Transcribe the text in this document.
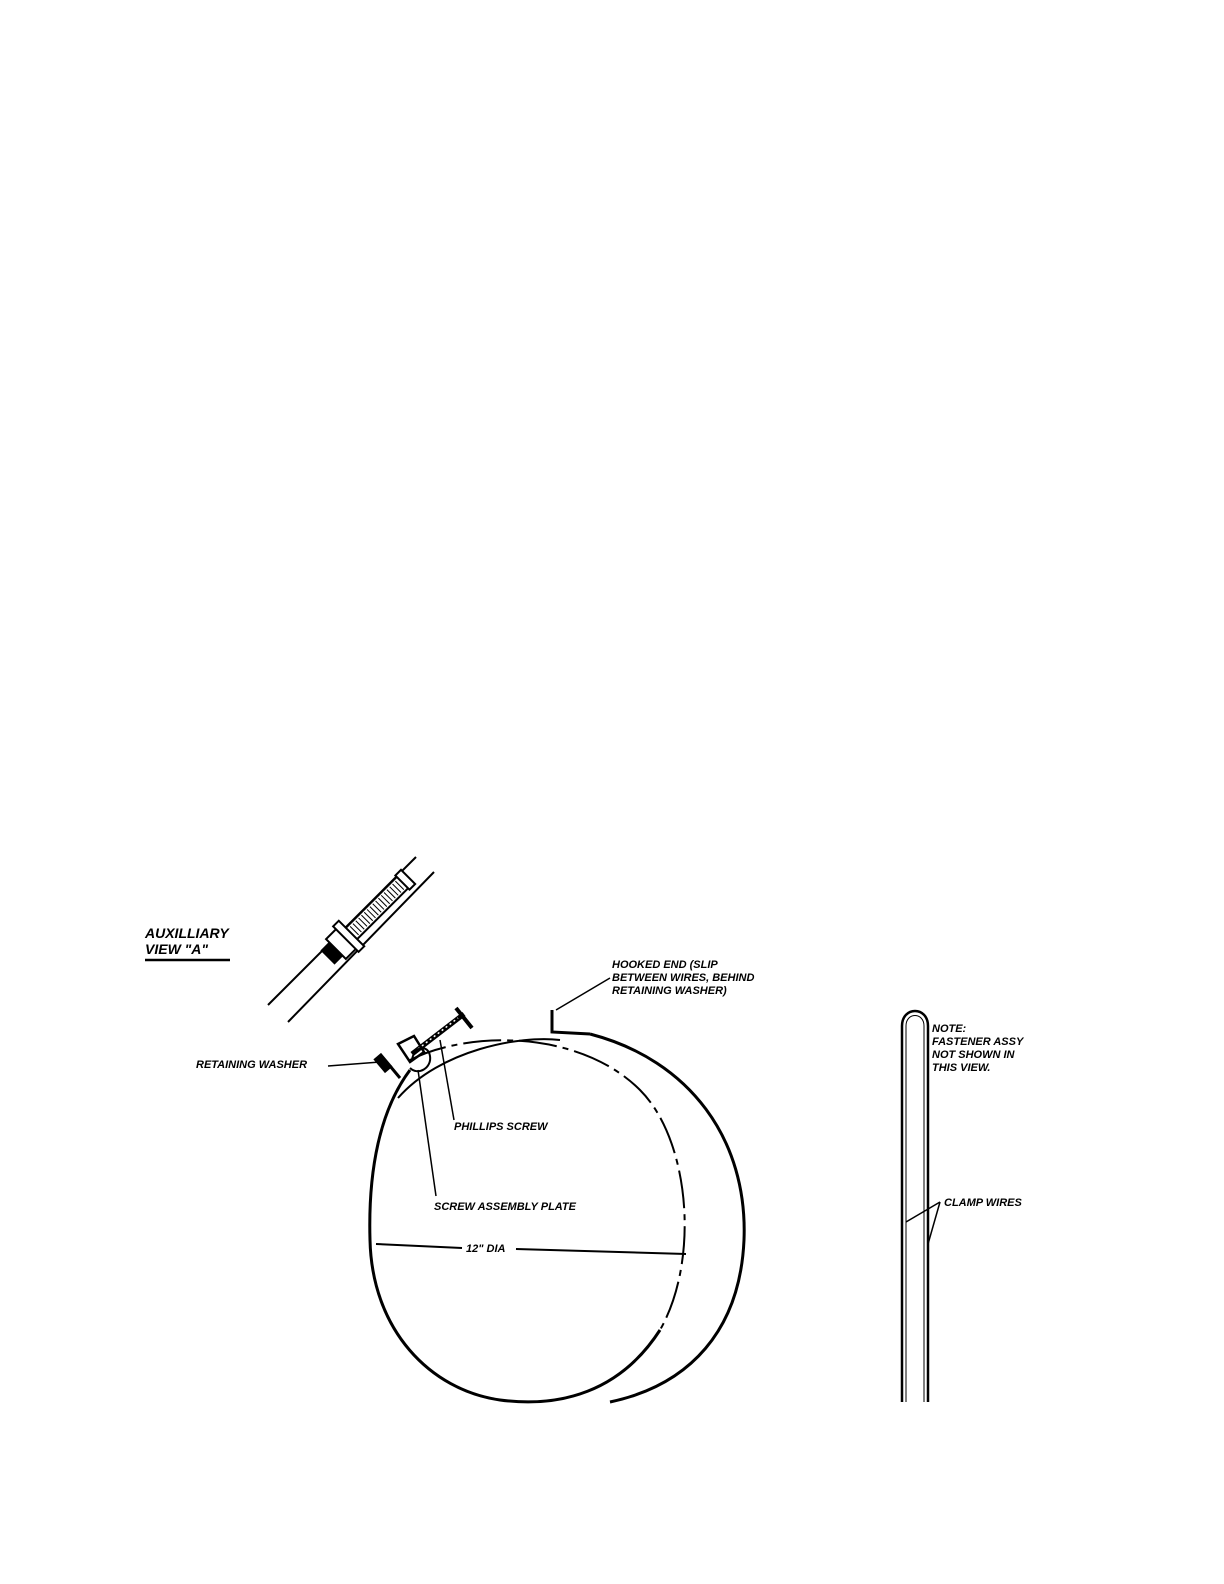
AUXILLIARY
VIEW "A"
12" DIA
RETAINING WASHER
PHILLIPS SCREW
SCREW ASSEMBLY PLATE
HOOKED END (SLIP
BETWEEN WIRES, BEHIND
RETAINING WASHER)
NOTE:
FASTENER ASSY
NOT SHOWN IN
THIS VIEW.
CLAMP WIRES
